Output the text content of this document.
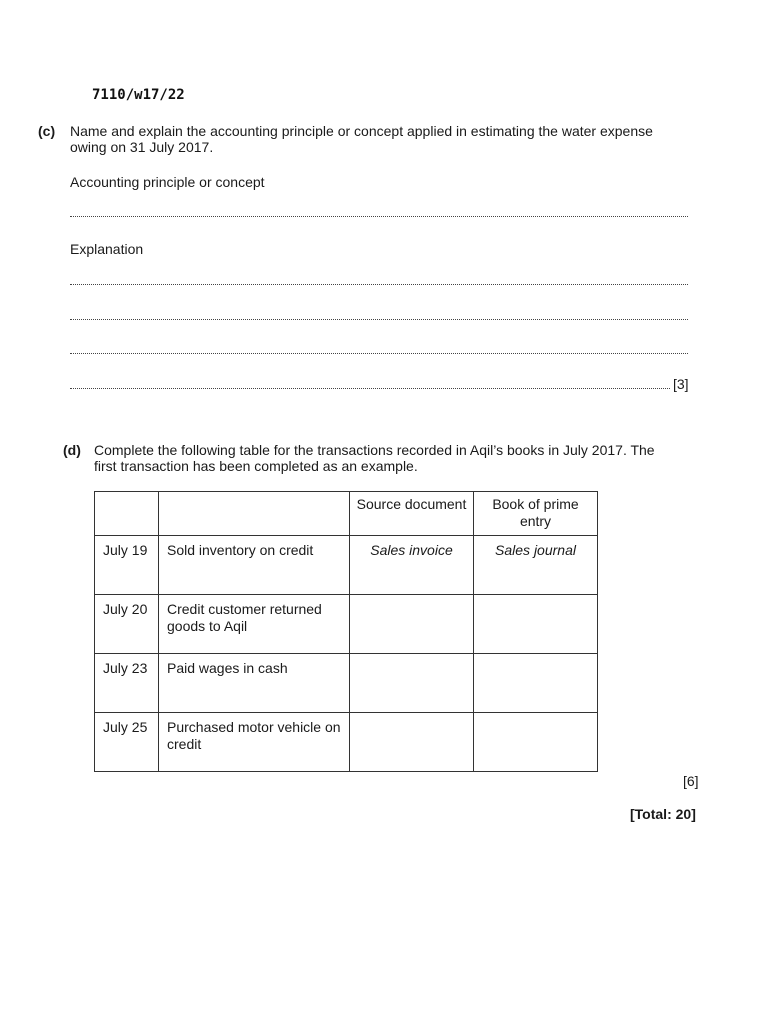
7110/w17/22
(c) Name and explain the accounting principle or concept applied in estimating the water expense
owing on 31 July 2017.
Accounting principle or concept
Explanation
[3]
(d) Complete the following table for the transactions recorded in Aqil’s books in July 2017. The
first transaction has been completed as an example.

		Source document	Book of prime entry

July 19	Sold inventory on credit	Sales invoice	Sales journal

July 20	Credit customer returned goods to Aqil		

July 23	Paid wages in cash		

July 25	Purchased motor vehicle on credit		

[6]
[Total: 20]
